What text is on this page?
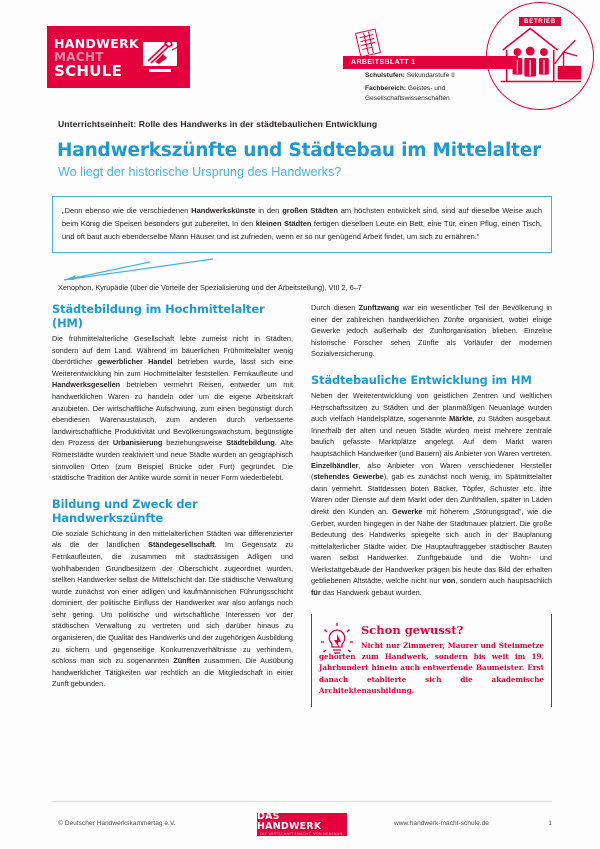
HANDWERK
MACHT
SCHULE	ARBEITSBLATT 1
Schulstufen: Sekundarstufe II
Fachbereich: Geistes- und Gesellschaftswissenschaften
BETRIEB
Unterrichtseinheit: Rolle des Handwerks in der städtebaulichen Entwicklung
Handwerkszünfte und Städtebau im Mittelalter
Wo liegt der historische Ursprung des Handwerks?
„Denn ebenso wie die verschiedenen Handwerkskünste in den großen Städten am höchsten entwickelt sind, sind auf dieselbe Weise auch beim König die Speisen besonders gut zubereitet. In den kleinen Städten fertigen dieselben Leute ein Bett, eine Tür, einen Pflug, einen Tisch, und oft baut auch ebenderselbe Mann Häuser und ist zufrieden, wenn er so nur genügend Arbeit findet, um sich zu ernähren.“
Xenophon, Kyrupädie (über die Vorteile der Spezialisierung und der Arbeitsteilung), VIII 2, 6–7
Städtebildung im Hochmittelalter (HM)
Die frühmittelalterliche Gesellschaft lebte zumeist nicht in Städten, sondern auf dem Land. Während im bäuerlichen Frühmittelalter wenig überörtlicher gewerblicher Handel betrieben wurde, lässt sich eine Weiterentwicklung hin zum Hochmittelalter feststellen. Fernkaufleute und Handwerksgesellen betrieben vermehrt Reisen, entweder um mit handwerklichen Waren zu handeln oder um die eigene Arbeitskraft anzubieten. Der wirtschaftliche Aufschwung, zum einen begünstigt durch ebendiesen Warenaustausch, zum anderen durch verbesserte landwirtschaftliche Produktivität und Bevölkerungswachstum, begünstigte den Prozess der Urbanisierung beziehungsweise Städtebildung. Alte Römerstädte wurden reaktiviert und neue Städte wurden an geographisch sinnvollen Orten (zum Beispiel Brücke oder Furt) gegründet. Die städtische Tradition der Antike wurde somit in neuer Form wiederbelebt.
Bildung und Zweck der Handwerkszünfte
Die soziale Schichtung in den mittelalterlichen Städten war differenzierter als die der ländlichen Ständegesellschaft. Im Gegensatz zu Fernkaufleuten, die zusammen mit stadtsässigen Adligen und wohlhabenden Grundbesitzern der Oberschicht zugeordnet wurden, stellten Handwerker selbst die Mittelschicht dar. Die städtische Verwaltung wurde zunächst von einer adligen und kaufmännischen Führungsschicht dominiert, der politische Einfluss der Handwerker war also anfangs noch sehr gering. Um politische und wirtschaftliche Interessen vor der städtischen Verwaltung zu vertreten und sich darüber hinaus zu organisieren, die Qualität des Handwerks und der zugehörigen Ausbildung zu sichern und gegenseitige Konkurrenzverhältnisse zu verhindern, schloss man sich zu sogenannten Zünften zusammen. Die Ausübung handwerklicher Tätigkeiten war rechtlich an die Mitgliedschaft in einer Zunft gebunden.
Durch diesen Zunftzwang war ein wesentlicher Teil der Bevölkerung in einer der zahlreichen handwerklichen Zünfte organisiert, wobei einige Gewerke jedoch außerhalb der Zunftorganisation blieben. Einzelne historische Forscher sehen Zünfte als Vorläufer der modernen Sozialversicherung.
Städtebauliche Entwicklung im HM
Neben der Weiterentwicklung von geistlichen Zentren und weltlichen Herrschaftssitzen zu Städten und der planmäßigen Neuanlage wurden auch vielfach Handelsplätze, sogenannte Märkte, zu Städten ausgebaut. Innerhalb der alten und neuen Städte wurden meist mehrere zentrale baulich gefasste Marktplätze angelegt. Auf dem Markt waren hauptsächlich Handwerker (und Bauern) als Anbieter von Waren vertreten. Einzelhändler, also Anbieter von Waren verschiedener Hersteller (stehendes Gewerbe), gab es zunächst noch wenig, im Spätmittelalter dann vermehrt. Stattdessen boten Bäcker, Töpfer, Schuster etc. ihre Waren oder Dienste auf dem Markt oder den Zunfthallen, später in Läden direkt den Kunden an. Gewerke mit höherem „Störungsgrad“, wie die Gerber, wurden hingegen in der Nähe der Stadtmauer platziert. Die große Bedeutung des Handwerks spiegelte sich auch in der Bauplanung mittelalterlicher Städte wider. Die Hauptauftraggeber städtischer Bauten waren selbst Handwerker. Zunftgebäude und die Wohn- und Werkstattgebäude der Handwerker prägen bis heute das Bild der erhalten gebliebenen Altstädte, welche nicht nur von, sondern auch hauptsächlich für das Handwerk gebaut wurden.
Schon gewusst?
Nicht nur Zimmerer, Maurer und Steinmetze gehörten zum Handwerk, sondern bis weit im 19. Jahrhundert hinein auch entwerfende Baumeister. Erst danach etablierte sich die akademische Architektenausbildung.
© Deutscher Handwerkskammertag e.V.
DAS HANDWERK
DIE WIRTSCHAFTSMACHT. VON NEBENAN.
www.handwerk-macht-schule.de	1
